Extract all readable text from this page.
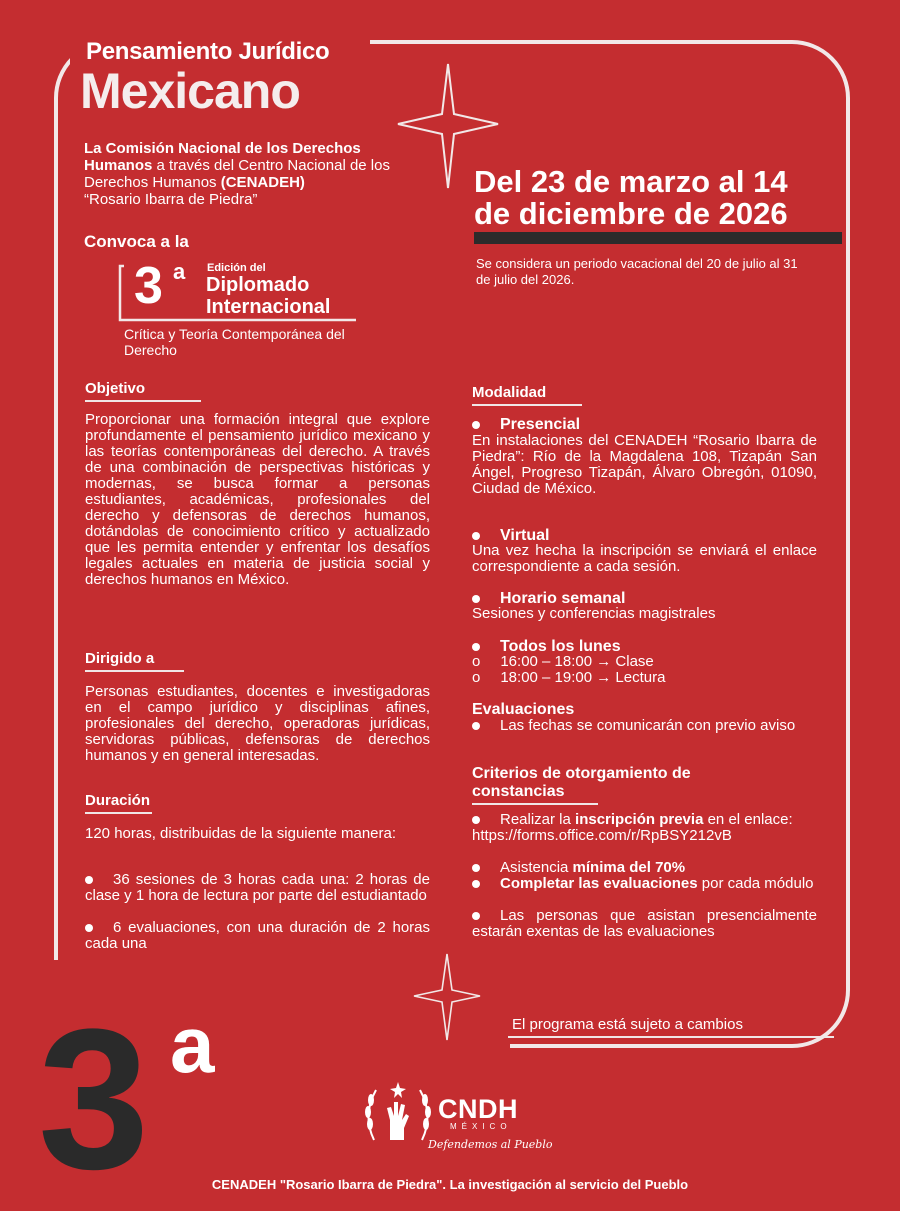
Pensamiento Jurídico
Mexicano
La Comisión Nacional de los Derechos Humanos a través del Centro Nacional de los Derechos Humanos (CENADEH)
“Rosario Ibarra de Piedra”
Del 23 de marzo al 14
de diciembre de 2026
Se considera un periodo vacacional del 20 de julio al 31 de julio del 2026.
Convoca a la
3 a Edición del
Diplomado
Internacional
Crítica y Teoría Contemporánea del Derecho
Objetivo
Proporcionar una formación integral que explore profundamente el pensamiento jurídico mexicano y las teorías contemporáneas del derecho. A través de una combinación de perspectivas históricas y modernas, se busca formar a personas estudiantes, académicas, profesionales del derecho y defensoras de derechos humanos, dotándolas de conocimiento crítico y actualizado que les permita entender y enfrentar los desafíos legales actuales en materia de justicia social y derechos humanos en México.
Dirigido a
Personas estudiantes, docentes e investigadoras en el campo jurídico y disciplinas afines, profesionales del derecho, operadoras jurídicas, servidoras públicas, defensoras de derechos humanos y en general interesadas.
Duración
120 horas, distribuidas de la siguiente manera:
36 sesiones de 3 horas cada una: 2 horas de clase y 1 hora de lectura por parte del estudiantado
6 evaluaciones, con una duración de 2 horas cada una
Modalidad
Presencial
En instalaciones del CENADEH “Rosario Ibarra de Piedra”: Río de la Magdalena 108, Tizapán San Ángel, Progreso Tizapán, Álvaro Obregón, 01090, Ciudad de México.
Virtual
Una vez hecha la inscripción se enviará el enlace correspondiente a cada sesión.
Horario semanal
Sesiones y conferencias magistrales
Todos los lunes
o 16:00 – 18:00 → Clase
o 18:00 – 19:00 → Lectura
Evaluaciones
Las fechas se comunicarán con previo aviso
Criterios de otorgamiento de
constancias
Realizar la inscripción previa en el enlace:
https://forms.office.com/r/RpBSY212vB
Asistencia mínima del 70%
Completar las evaluaciones por cada módulo
Las personas que asistan presencialmente estarán exentas de las evaluaciones
El programa está sujeto a cambios
3 a
CNDH
MÉXICO
Defendemos al Pueblo
CENADEH "Rosario Ibarra de Piedra". La investigación al servicio del Pueblo
